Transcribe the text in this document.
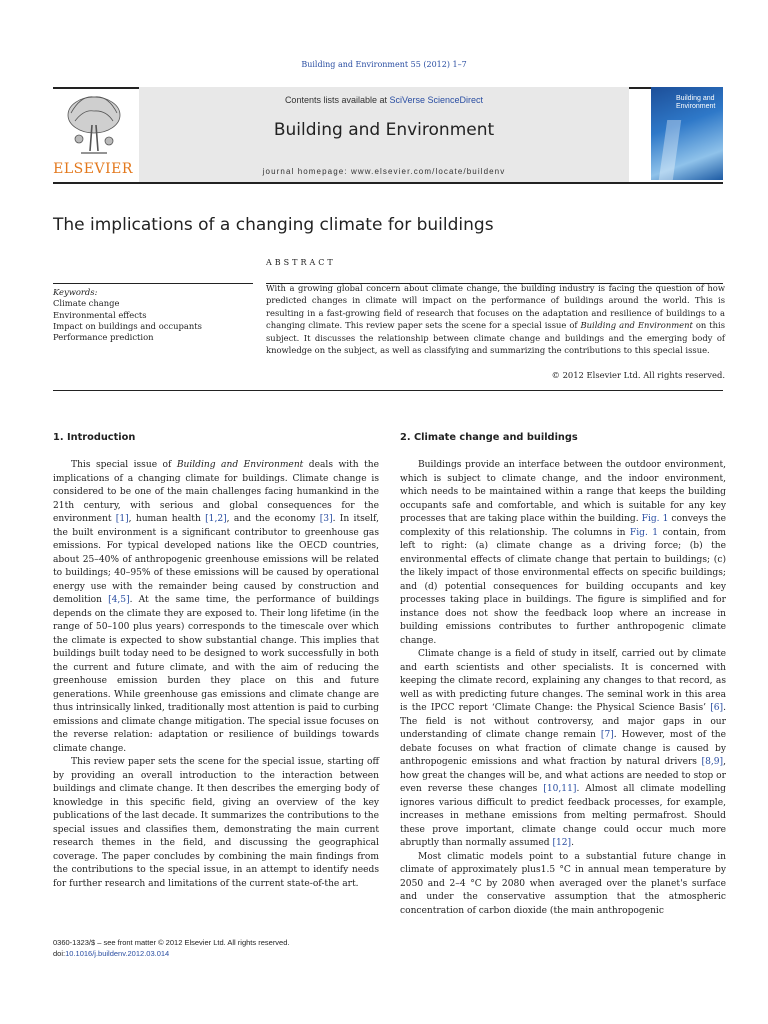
Building and Environment 55 (2012) 1–7
ELSEVIER
Contents lists available at SciVerse ScienceDirect
Building and Environment
journal homepage: www.elsevier.com/locate/buildenv
Building and
Environment
The implications of a changing climate for buildings
ABSTRACT
Keywords:
Climate change
Environmental effects
Impact on buildings and occupants
Performance prediction
With a growing global concern about climate change, the building industry is facing the question of how predicted changes in climate will impact on the performance of buildings around the world. This is resulting in a fast-growing field of research that focuses on the adaptation and resilience of buildings to a changing climate. This review paper sets the scene for a special issue of Building and Environment on this subject. It discusses the relationship between climate change and buildings and the emerging body of knowledge on the subject, as well as classifying and summarizing the contributions to this special issue.
© 2012 Elsevier Ltd. All rights reserved.
1. Introduction	2. Climate change and buildings

This special issue of Building and Environment deals with the implications of a changing climate for buildings. Climate change is considered to be one of the main challenges facing humankind in the 21th century, with serious and global consequences for the environment [1], human health [1,2], and the economy [3]. In itself, the built environment is a significant contributor to greenhouse gas emissions. For typical developed nations like the OECD countries, about 25–40% of anthropogenic greenhouse emissions will be related to buildings; 40–95% of these emissions will be caused by operational energy use with the remainder being caused by construction and demolition [4,5]. At the same time, the performance of buildings depends on the climate they are exposed to. Their long lifetime (in the range of 50–100 plus years) corresponds to the timescale over which the climate is expected to show substantial change. This implies that buildings built today need to be designed to work successfully in both the current and future climate, and with the aim of reducing the greenhouse emission burden they place on this and future generations. While greenhouse gas emissions and climate change are thus intrinsically linked, traditionally most attention is paid to curbing emissions and climate change mitigation. The special issue focuses on the reverse relation: adaptation or resilience of buildings towards climate change.

This review paper sets the scene for the special issue, starting off by providing an overall introduction to the interaction between buildings and climate change. It then describes the emerging body of knowledge in this specific field, giving an overview of the key publications of the last decade. It summarizes the contributions to the special issues and classifies them, demonstrating the main current research themes in the field, and discussing the geographical coverage. The paper concludes by combining the main findings from the contributions to the special issue, in an attempt to identify needs for further research and limitations of the current state-of-the art.

Buildings provide an interface between the outdoor environment, which is subject to climate change, and the indoor environment, which needs to be maintained within a range that keeps the building occupants safe and comfortable, and which is suitable for any key processes that are taking place within the building. Fig. 1 conveys the complexity of this relationship. The columns in Fig. 1 contain, from left to right: (a) climate change as a driving force; (b) the environmental effects of climate change that pertain to buildings; (c) the likely impact of those environmental effects on specific buildings; and (d) potential consequences for building occupants and key processes taking place in buildings. The figure is simplified and for instance does not show the feedback loop where an increase in building emissions contributes to further anthropogenic climate change.

Climate change is a field of study in itself, carried out by climate and earth scientists and other specialists. It is concerned with keeping the climate record, explaining any changes to that record, as well as with predicting future changes. The seminal work in this area is the IPCC report ‘Climate Change: the Physical Science Basis’ [6]. The field is not without controversy, and major gaps in our understanding of climate change remain [7]. However, most of the debate focuses on what fraction of climate change is caused by anthropogenic emissions and what fraction by natural drivers [8,9], how great the changes will be, and what actions are needed to stop or even reverse these changes [10,11]. Almost all climate modelling ignores various difficult to predict feedback processes, for example, increases in methane emissions from melting permafrost. Should these prove important, climate change could occur much more abruptly than normally assumed [12].

Most climatic models point to a substantial future change in climate of approximately plus1.5 °C in annual mean temperature by 2050 and 2–4 °C by 2080 when averaged over the planet's surface and under the conservative assumption that the atmospheric concentration of carbon dioxide (the main anthropogenic

0360-1323/$ – see front matter © 2012 Elsevier Ltd. All rights reserved.
doi:10.1016/j.buildenv.2012.03.014
